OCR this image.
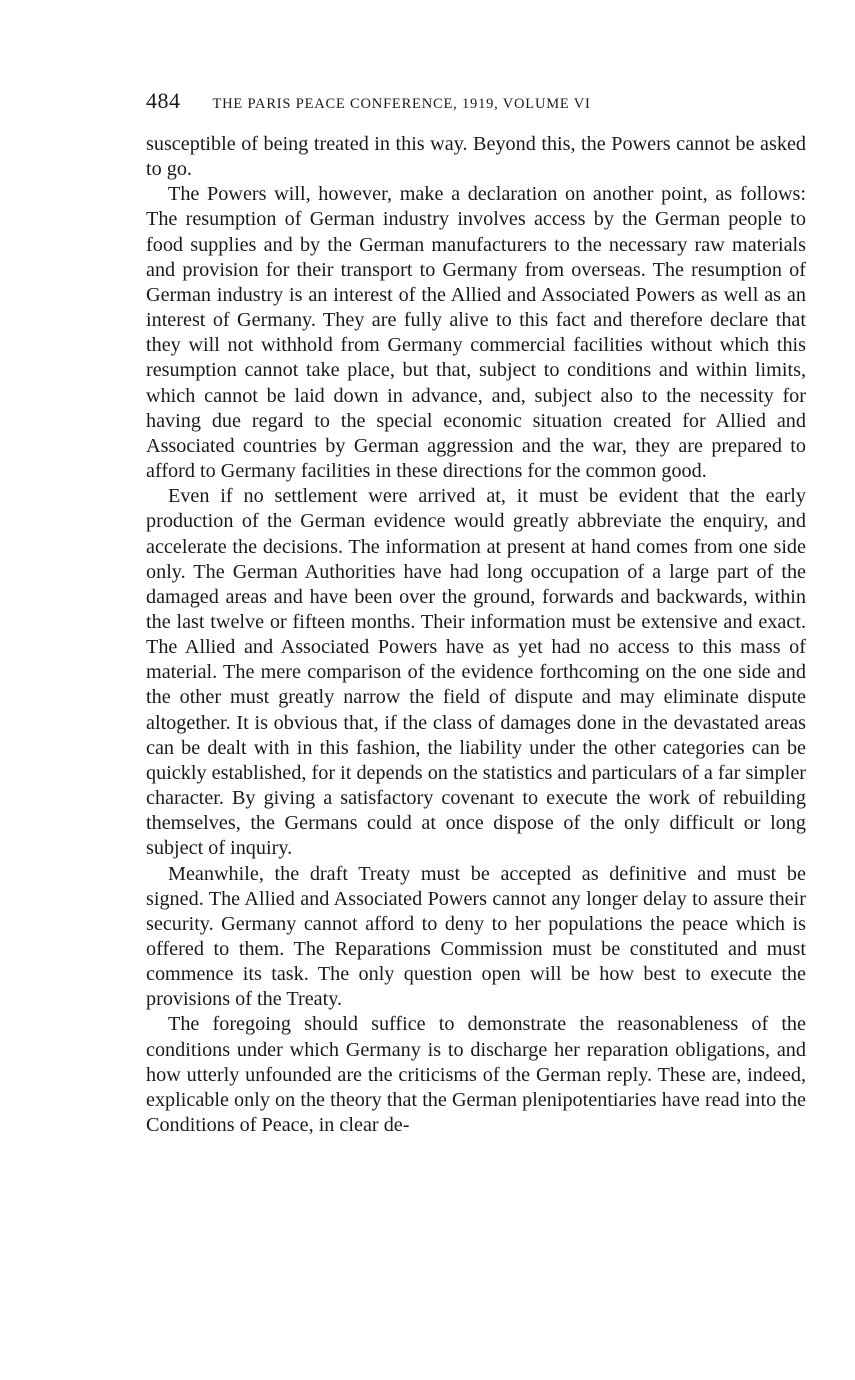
484 THE PARIS PEACE CONFERENCE, 1919, VOLUME VI

susceptible of being treated in this way. Beyond this, the Powers cannot be asked to go.

The Powers will, however, make a declaration on another point, as follows: The resumption of German industry involves access by the German people to food supplies and by the German manufacturers to the necessary raw materials and provision for their transport to Germany from overseas. The resumption of German industry is an interest of the Allied and Associated Powers as well as an interest of Germany. They are fully alive to this fact and therefore declare that they will not withhold from Germany commercial facilities without which this resumption cannot take place, but that, subject to conditions and within limits, which cannot be laid down in advance, and, subject also to the necessity for having due regard to the special economic situation created for Allied and Associated countries by German aggression and the war, they are prepared to afford to Germany facilities in these directions for the common good.

Even if no settlement were arrived at, it must be evident that the early production of the German evidence would greatly abbreviate the enquiry, and accelerate the decisions. The information at present at hand comes from one side only. The German Authorities have had long occupation of a large part of the damaged areas and have been over the ground, forwards and backwards, within the last twelve or fifteen months. Their information must be extensive and exact. The Allied and Associated Powers have as yet had no access to this mass of material. The mere comparison of the evidence forthcoming on the one side and the other must greatly narrow the field of dispute and may eliminate dispute altogether. It is obvious that, if the class of damages done in the devastated areas can be dealt with in this fashion, the liability under the other categories can be quickly established, for it depends on the statistics and particulars of a far simpler character. By giving a satisfactory covenant to execute the work of rebuilding themselves, the Germans could at once dispose of the only difficult or long subject of inquiry.

Meanwhile, the draft Treaty must be accepted as definitive and must be signed. The Allied and Associated Powers cannot any longer delay to assure their security. Germany cannot afford to deny to her populations the peace which is offered to them. The Reparations Commission must be constituted and must commence its task. The only question open will be how best to execute the provisions of the Treaty.

The foregoing should suffice to demonstrate the reasonableness of the conditions under which Germany is to discharge her reparation obligations, and how utterly unfounded are the criticisms of the German reply. These are, indeed, explicable only on the theory that the German plenipotentiaries have read into the Conditions of Peace, in clear de-
